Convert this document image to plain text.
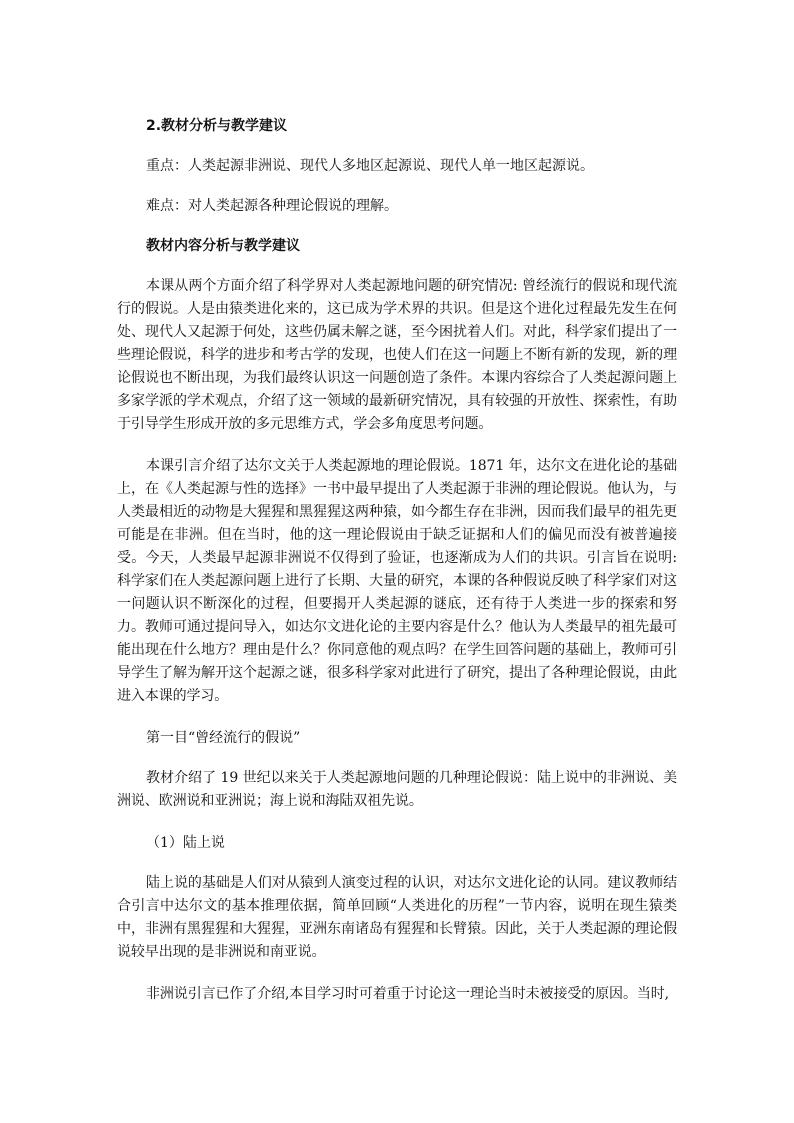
2.教材分析与教学建议

重点：人类起源非洲说、现代人多地区起源说、现代人单一地区起源说。

难点：对人类起源各种理论假说的理解。

教材内容分析与教学建议

本课从两个方面介绍了科学界对人类起源地问题的研究情况: 曾经流行的假说和现代流行的假说。人是由猿类进化来的，这已成为学术界的共识。但是这个进化过程最先发生在何处、现代人又起源于何处，这些仍属未解之谜，至今困扰着人们。对此，科学家们提出了一些理论假说，科学的进步和考古学的发现，也使人们在这一问题上不断有新的发现，新的理论假说也不断出现，为我们最终认识这一问题创造了条件。本课内容综合了人类起源问题上多家学派的学术观点，介绍了这一领域的最新研究情况，具有较强的开放性、探索性，有助于引导学生形成开放的多元思维方式，学会多角度思考问题。

本课引言介绍了达尔文关于人类起源地的理论假说。1871 年，达尔文在进化论的基础上，在《人类起源与性的选择》一书中最早提出了人类起源于非洲的理论假说。他认为，与人类最相近的动物是大猩猩和黑猩猩这两种猿，如今都生存在非洲，因而我们最早的祖先更可能是在非洲。但在当时，他的这一理论假说由于缺乏证据和人们的偏见而没有被普遍接受。今天，人类最早起源非洲说不仅得到了验证，也逐渐成为人们的共识。引言旨在说明: 科学家们在人类起源问题上进行了长期、大量的研究，本课的各种假说反映了科学家们对这一问题认识不断深化的过程，但要揭开人类起源的谜底，还有待于人类进一步的探索和努力。教师可通过提问导入，如达尔文进化论的主要内容是什么？他认为人类最早的祖先最可能出现在什么地方？理由是什么？你同意他的观点吗？在学生回答问题的基础上，教师可引导学生了解为解开这个起源之谜，很多科学家对此进行了研究，提出了各种理论假说，由此进入本课的学习。

第一目“曾经流行的假说”

教材介绍了 19 世纪以来关于人类起源地问题的几种理论假说：陆上说中的非洲说、美洲说、欧洲说和亚洲说；海上说和海陆双祖先说。

（1）陆上说

陆上说的基础是人们对从猿到人演变过程的认识，对达尔文进化论的认同。建议教师结合引言中达尔文的基本推理依据，简单回顾“人类进化的历程”一节内容，说明在现生猿类中，非洲有黑猩猩和大猩猩，亚洲东南诸岛有猩猩和长臂猿。因此，关于人类起源的理论假说较早出现的是非洲说和南亚说。

非洲说引言已作了介绍,本目学习时可着重于讨论这一理论当时未被接受的原因。当时,
